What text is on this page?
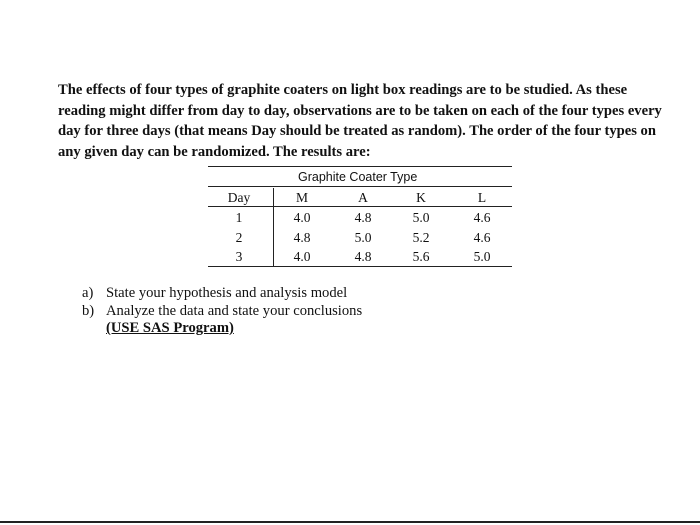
The effects of four types of graphite coaters on light box readings are to be studied. As these
reading might differ from day to day, observations are to be taken on each of the four types every
day for three days (that means Day should be treated as random). The order of the four types on
any given day can be randomized. The results are:
Graphite Coater Type
Day	M	A	K	L
1	4.0	4.8	5.0	4.6
2	4.8	5.0	5.2	4.6
3	4.0	4.8	5.6	5.0
a) State your hypothesis and analysis model
b) Analyze the data and state your conclusions
(USE SAS Program)
